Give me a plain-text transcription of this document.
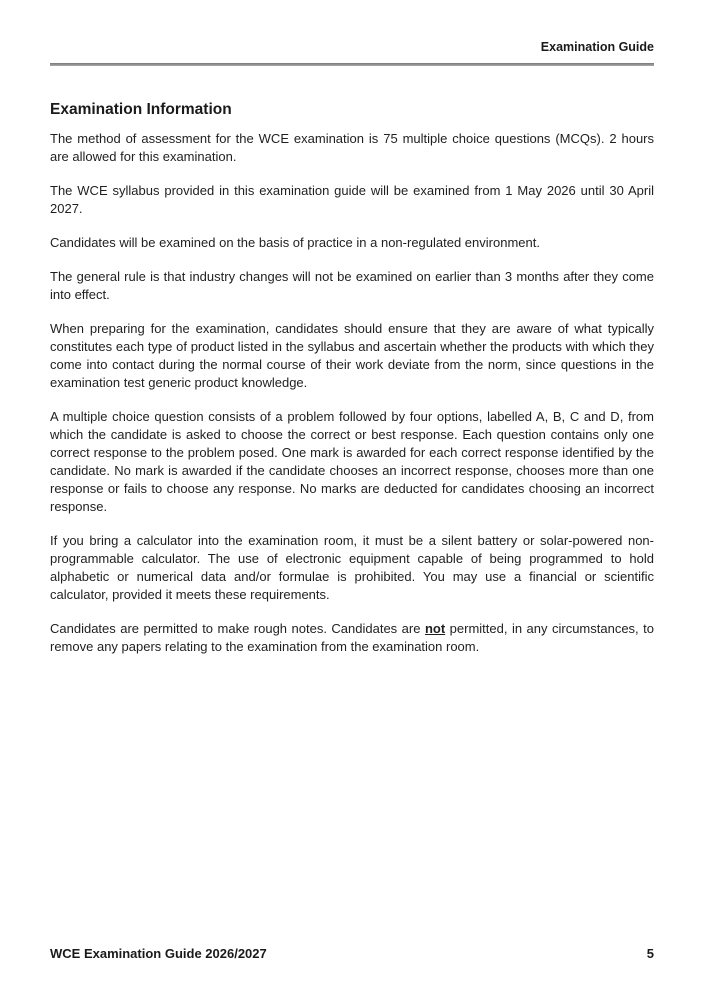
Examination Guide
Examination Information

The method of assessment for the WCE examination is 75 multiple choice questions (MCQs). 2 hours are allowed for this examination.

The WCE syllabus provided in this examination guide will be examined from 1 May 2026 until 30 April 2027.

Candidates will be examined on the basis of practice in a non-regulated environment.

The general rule is that industry changes will not be examined on earlier than 3 months after they come into effect.

When preparing for the examination, candidates should ensure that they are aware of what typically constitutes each type of product listed in the syllabus and ascertain whether the products with which they come into contact during the normal course of their work deviate from the norm, since questions in the examination test generic product knowledge.

A multiple choice question consists of a problem followed by four options, labelled A, B, C and D, from which the candidate is asked to choose the correct or best response. Each question contains only one correct response to the problem posed. One mark is awarded for each correct response identified by the candidate. No mark is awarded if the candidate chooses an incorrect response, chooses more than one response or fails to choose any response. No marks are deducted for candidates choosing an incorrect response.

If you bring a calculator into the examination room, it must be a silent battery or solar-powered non-programmable calculator. The use of electronic equipment capable of being programmed to hold alphabetic or numerical data and/or formulae is prohibited. You may use a financial or scientific calculator, provided it meets these requirements.

Candidates are permitted to make rough notes. Candidates are not permitted, in any circumstances, to remove any papers relating to the examination from the examination room.

WCE Examination Guide 2026/2027	5
